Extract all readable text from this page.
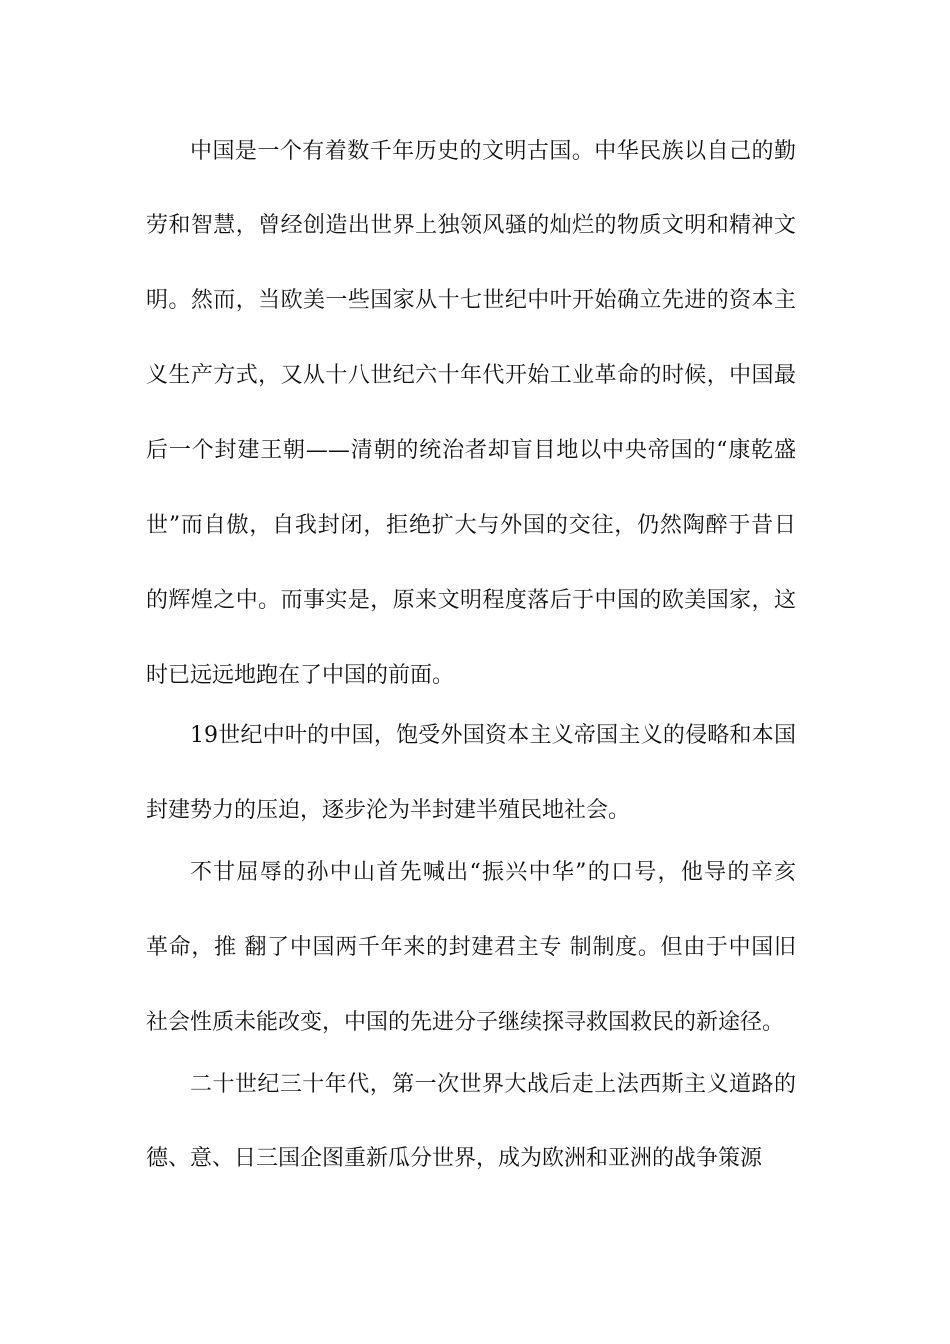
中国是一个有着数千年历史的文明古国。中华民族以自己的勤
劳和智慧，曾经创造出世界上独领风骚的灿烂的物质文明和精神文
明。然而，当欧美一些国家从十七世纪中叶开始确立先进的资本主
义生产方式，又从十八世纪六十年代开始工业革命的时候，中国最
后一个封建王朝——清朝的统治者却盲目地以中央帝国的“康乾盛
世”而自傲，自我封闭，拒绝扩大与外国的交往，仍然陶醉于昔日
的辉煌之中。而事实是，原来文明程度落后于中国的欧美国家，这
时已远远地跑在了中国的前面。
19世纪中叶的中国，饱受外国资本主义帝国主义的侵略和本国
封建势力的压迫，逐步沦为半封建半殖民地社会。
不甘屈辱的孙中山首先喊出“振兴中华”的口号，他导的辛亥
革命，推 翻了中国两千年来的封建君主专 制制度。但由于中国旧
社会性质未能改变，中国的先进分子继续探寻救国救民的新途径。
二十世纪三十年代，第一次世界大战后走上法西斯主义道路的
德、意、日三国企图重新瓜分世界，成为欧洲和亚洲的战争策源
